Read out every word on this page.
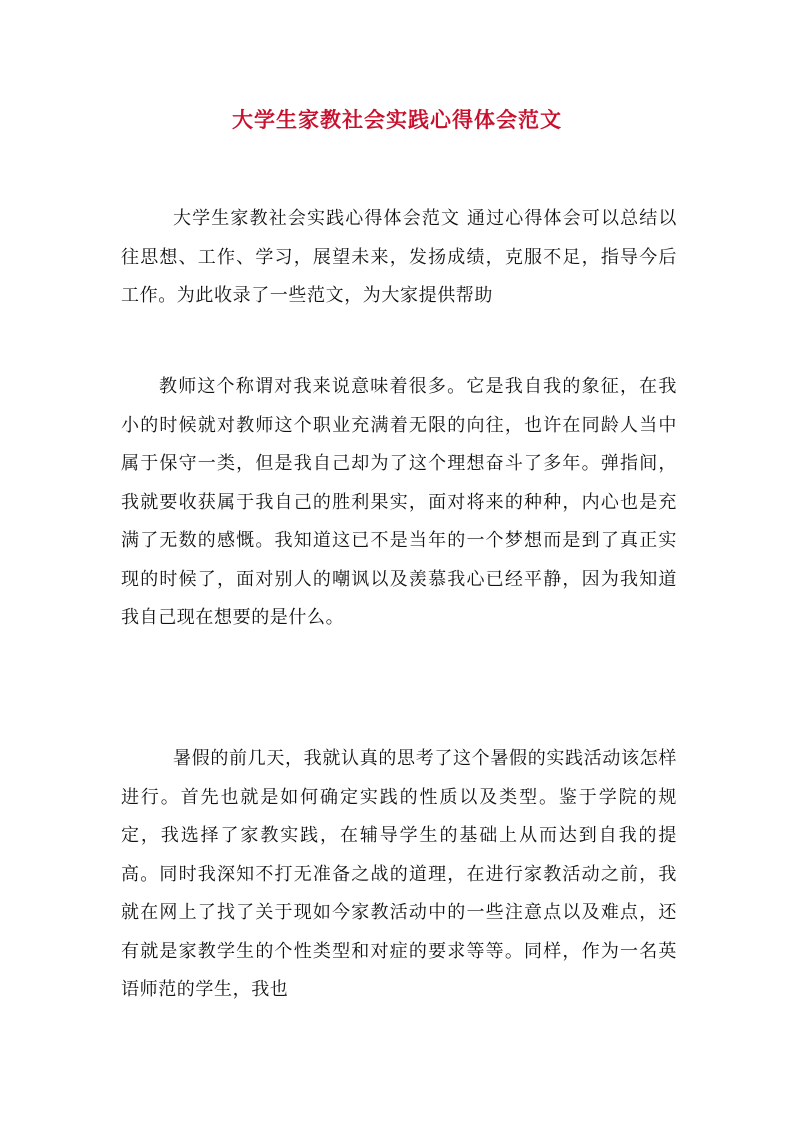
大学生家教社会实践心得体会范文
大学生家教社会实践心得体会范文 通过心得体会可以总结以往思想、工作、学习，展望未来，发扬成绩，克服不足，指导今后工作。为此收录了一些范文，为大家提供帮助
教师这个称谓对我来说意味着很多。它是我自我的象征，在我小的时候就对教师这个职业充满着无限的向往，也许在同龄人当中属于保守一类，但是我自己却为了这个理想奋斗了多年。弹指间，我就要收获属于我自己的胜利果实，面对将来的种种，内心也是充满了无数的感慨。我知道这已不是当年的一个梦想而是到了真正实现的时候了，面对别人的嘲讽以及羡慕我心已经平静，因为我知道我自己现在想要的是什么。
暑假的前几天，我就认真的思考了这个暑假的实践活动该怎样进行。首先也就是如何确定实践的性质以及类型。鉴于学院的规定，我选择了家教实践，在辅导学生的基础上从而达到自我的提高。同时我深知不打无准备之战的道理，在进行家教活动之前，我就在网上了找了关于现如今家教活动中的一些注意点以及难点，还有就是家教学生的个性类型和对症的要求等等。同样，作为一名英语师范的学生，我也
